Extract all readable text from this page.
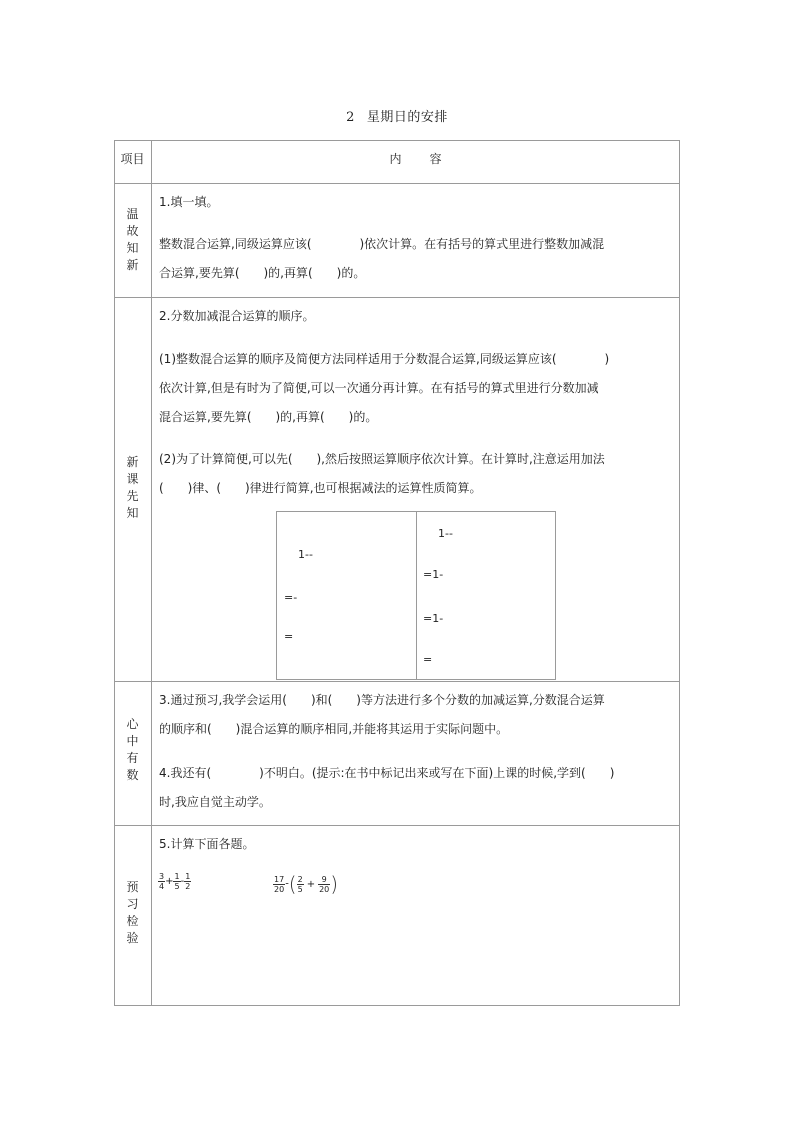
2 星期日的安排
项目	内 容
温
故
知
新
新
课
先
知
心
中
有
数
预
习
检
验
1.填一填。
整数混合运算,同级运算应该(　　　　)依次计算。在有括号的算式里进行整数加减混
合运算,要先算(　　)的,再算(　　)的。
2.分数加减混合运算的顺序。
(1)整数混合运算的顺序及简便方法同样适用于分数混合运算,同级运算应该(　　　　)
依次计算,但是有时为了简便,可以一次通分再计算。在有括号的算式里进行分数加减
混合运算,要先算(　　)的,再算(　　)的。
(2)为了计算简便,可以先(　　),然后按照运算顺序依次计算。在计算时,注意运用加法
(　　)律、(　　)律进行简算,也可根据减法的运算性质简算。
1--
=-
=
1--
=1-
=1-
=
3.通过预习,我学会运用(　　)和(　　)等方法进行多个分数的加减运算,分数混合运算
的顺序和(　　)混合运算的顺序相同,并能将其运用于实际问题中。
4.我还有(　　　　)不明白。(提示:在书中标记出来或写在下面)上课的时候,学到(　　)
时,我应自觉主动学。
5.计算下面各题。
$\frac{3}{4} + \frac{1}{5} - \frac{1}{2}$	$\frac{17}{20}$ -( $\frac{2}{5} + \frac{9}{20}$ )
